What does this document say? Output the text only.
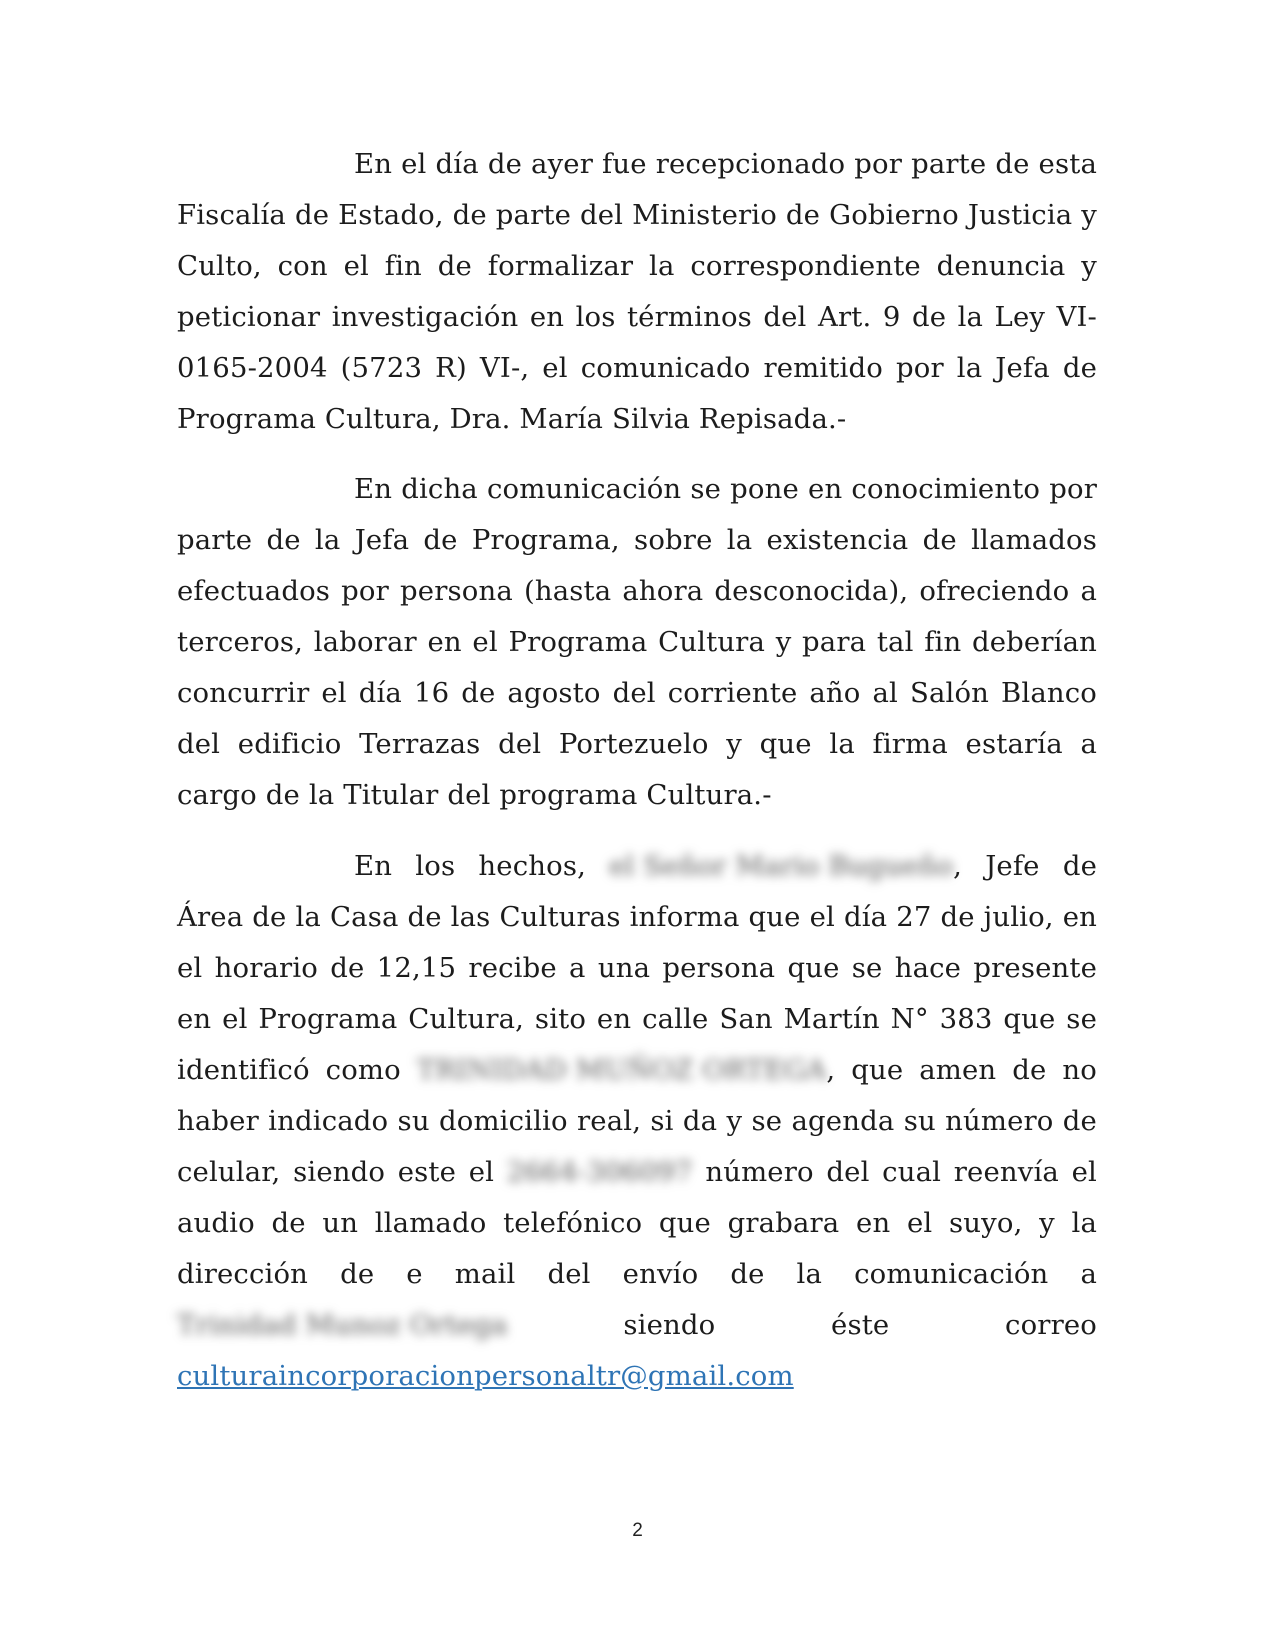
En el día de ayer fue recepcionado por parte de esta Fiscalía de Estado, de parte del Ministerio de Gobierno Justicia y Culto, con el fin de formalizar la correspondiente denuncia y peticionar investigación en los términos del Art. 9 de la Ley VI-0165-2004 (5723 R) VI-, el comunicado remitido por la Jefa de Programa Cultura, Dra. María Silvia Repisada.-

En dicha comunicación se pone en conocimiento por parte de la Jefa de Programa, sobre la existencia de llamados efectuados por persona (hasta ahora desconocida), ofreciendo a terceros, laborar en el Programa Cultura y para tal fin deberían concurrir el día 16 de agosto del corriente año al Salón Blanco del edificio Terrazas del Portezuelo y que la firma estaría a cargo de la Titular del programa Cultura.-

En los hechos, el Señor Mario Bugueño, Jefe de Área de la Casa de las Culturas informa que el día 27 de julio, en el horario de 12,15 recibe a una persona que se hace presente en el Programa Cultura, sito en calle San Martín N° 383 que se identificó como TRINIDAD MUÑOZ ORTEGA, que amen de no haber indicado su domicilio real, si da y se agenda su número de celular, siendo este el 2664-306097 número del cual reenvía el audio de un llamado telefónico que grabara en el suyo, y la dirección de e mail del envío de la comunicación a Trinidad Munoz Ortega	siendo éste correo culturaincorporacionpersonaltr@gmail.com

2
